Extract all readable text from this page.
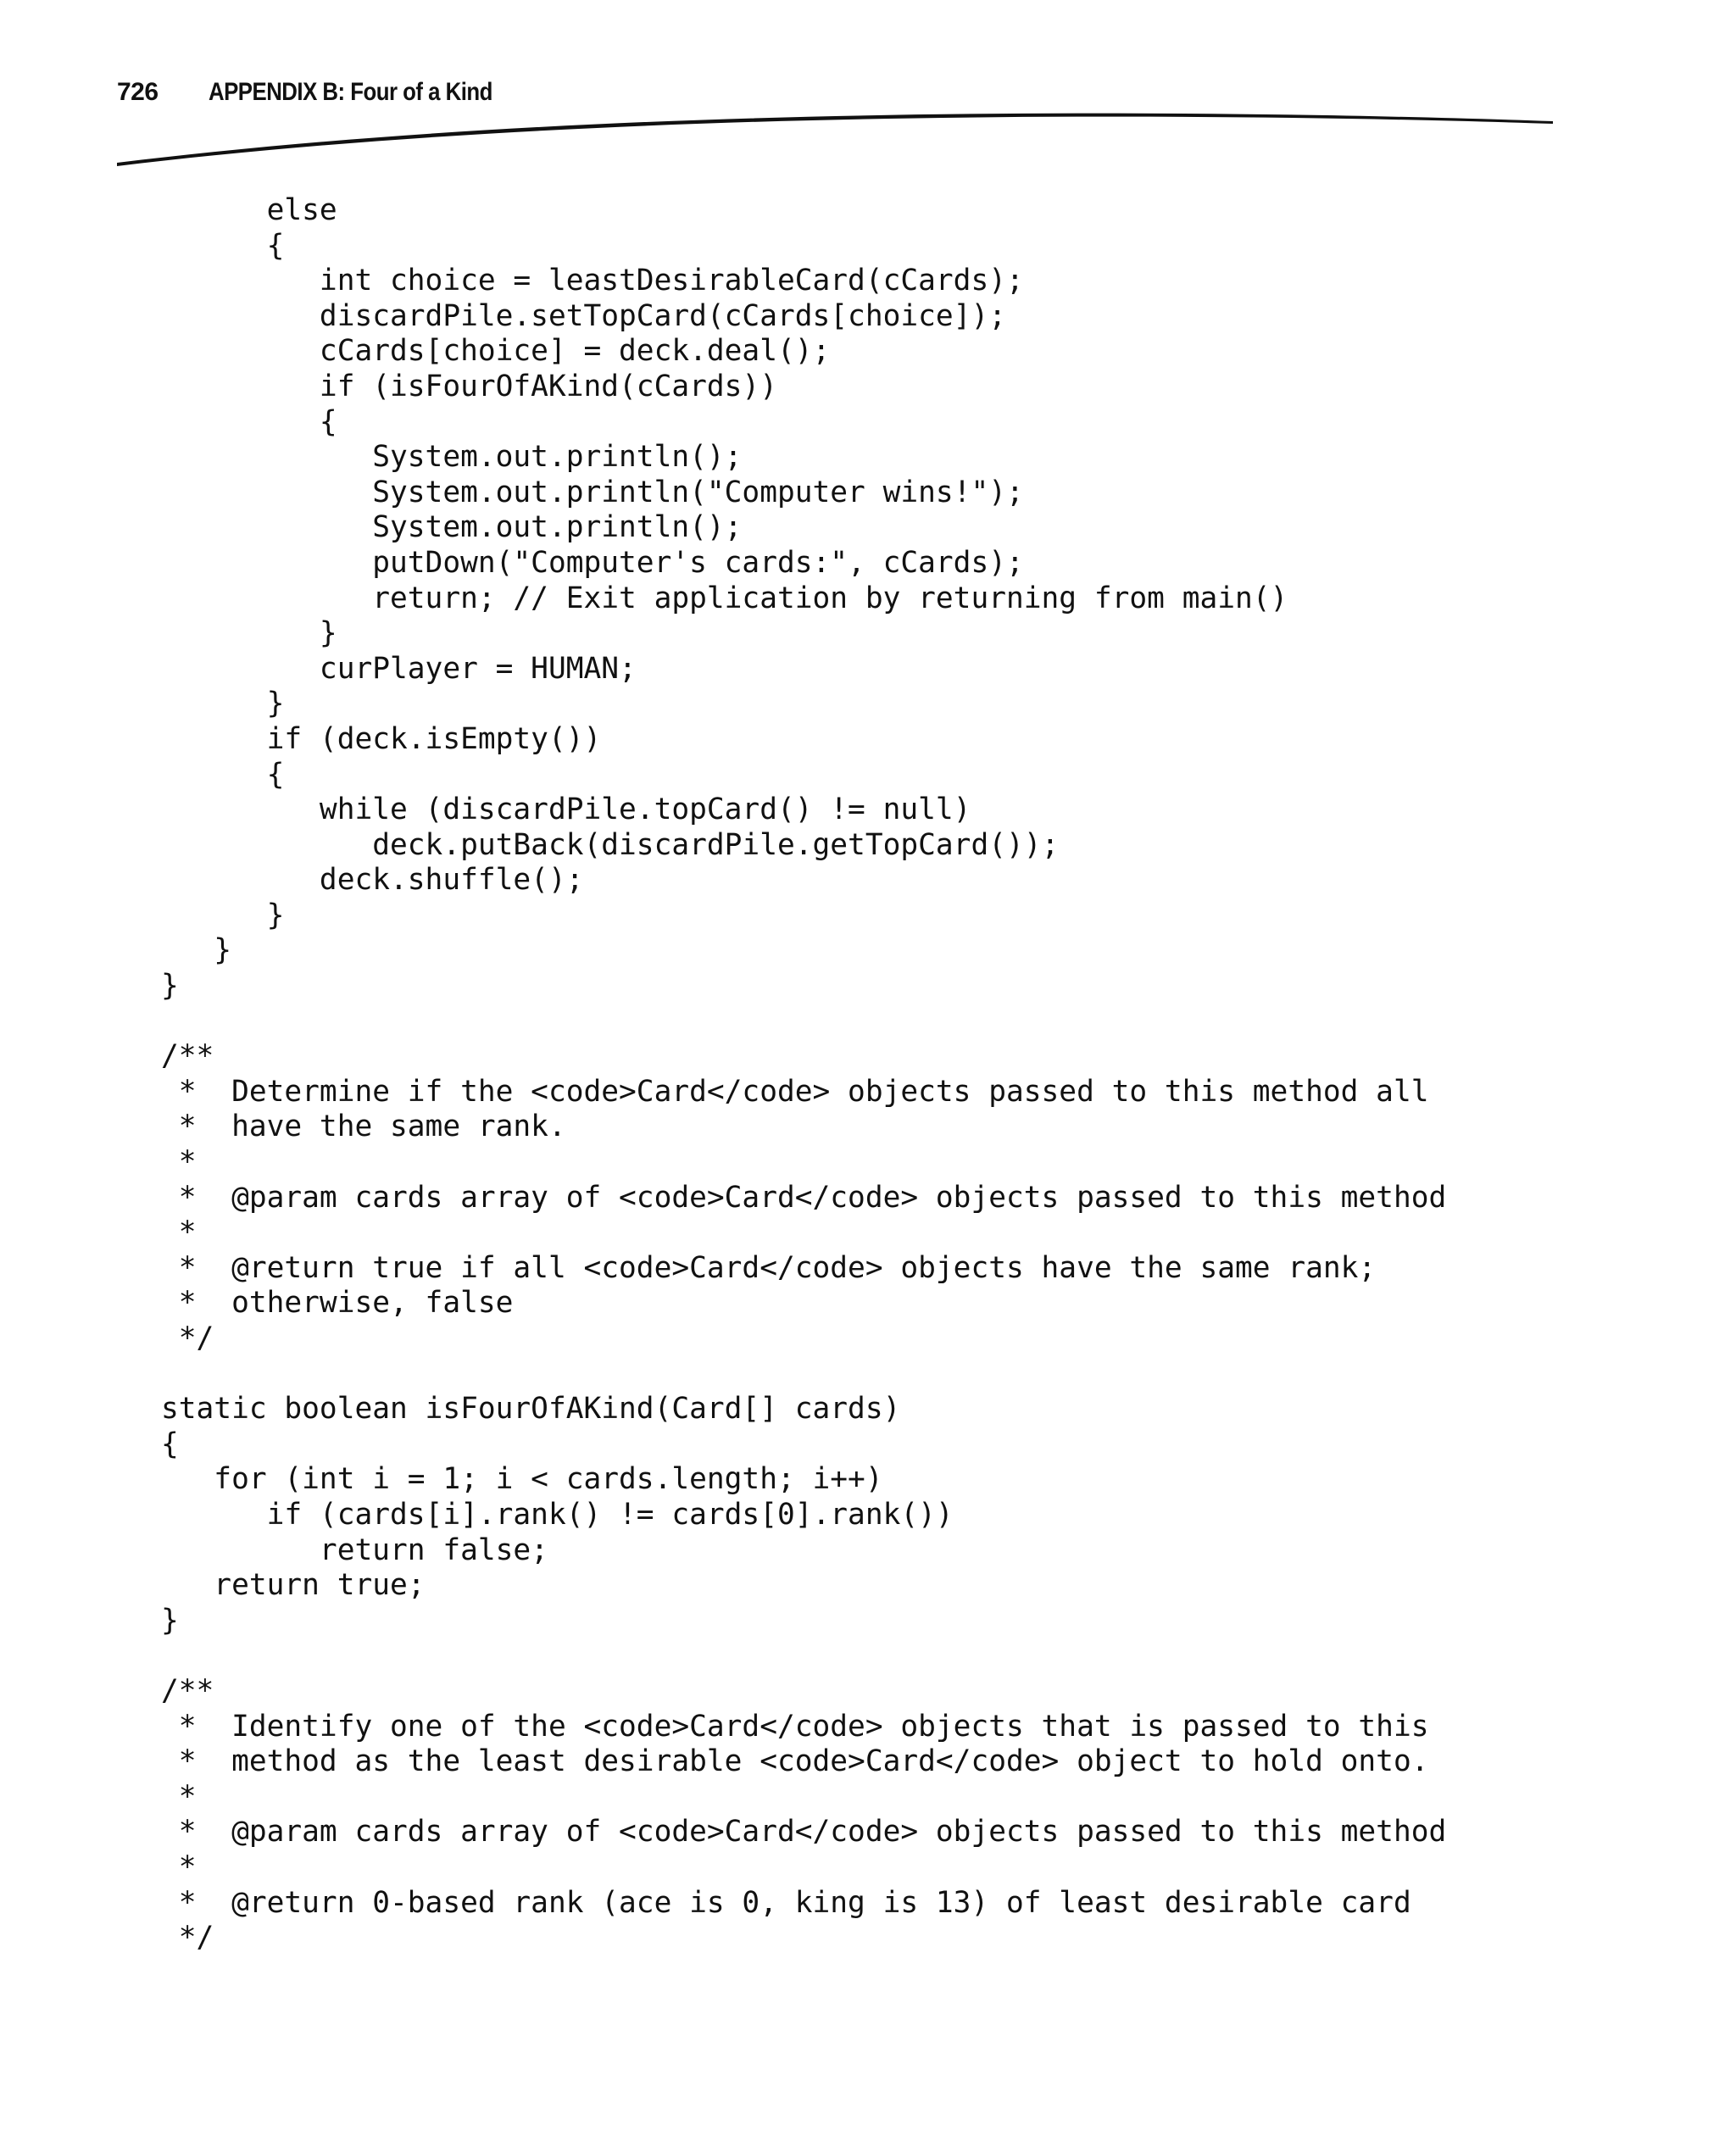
726 APPENDIX B: Four of a Kind
else
{
int choice = leastDesirableCard(cCards);
discardPile.setTopCard(cCards[choice]);
cCards[choice] = deck.deal();
if (isFourOfAKind(cCards))
{
System.out.println();
System.out.println("Computer wins!");
System.out.println();
putDown("Computer's cards:", cCards);
return; // Exit application by returning from main()
}
curPlayer = HUMAN;
}
if (deck.isEmpty())
{
while (discardPile.topCard() != null)
deck.putBack(discardPile.getTopCard());
deck.shuffle();
}
}
}

/**
*  Determine if the <code>Card</code> objects passed to this method all
*  have the same rank.
*
*  @param cards array of <code>Card</code> objects passed to this method
*
*  @return true if all <code>Card</code> objects have the same rank;
*  otherwise, false
*/

static boolean isFourOfAKind(Card[] cards)
{
for (int i = 1; i < cards.length; i++)
if (cards[i].rank() != cards[0].rank())
return false;
return true;
}

/**
*  Identify one of the <code>Card</code> objects that is passed to this
*  method as the least desirable <code>Card</code> object to hold onto.
*
*  @param cards array of <code>Card</code> objects passed to this method
*
*  @return 0-based rank (ace is 0, king is 13) of least desirable card
*/
